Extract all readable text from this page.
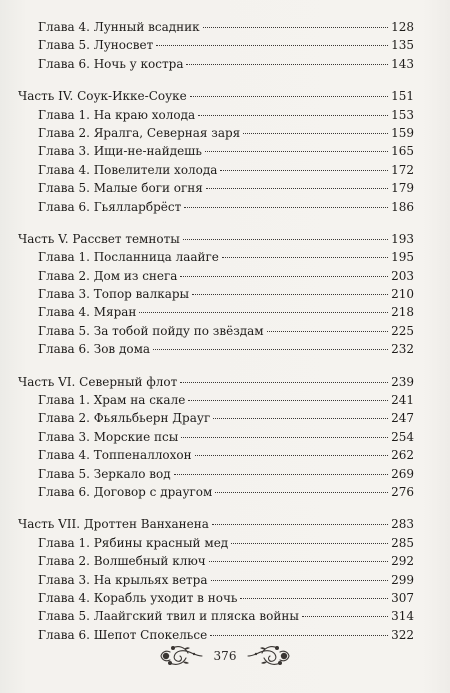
Глава 4. Лунный всадник	128
Глава 5. Луносвет	135
Глава 6. Ночь у костра	143
Часть IV. Соук-Икке-Соуке	151
Глава 1. На краю холода	153
Глава 2. Яралга, Северная заря	159
Глава 3. Ищи-не-найдешь	165
Глава 4. Повелители холода	172
Глава 5. Малые боги огня	179
Глава 6. Гьялларбрёст	186
Часть V. Рассвет темноты	193
Глава 1. Посланница лаайге	195
Глава 2. Дом из снега	203
Глава 3. Топор валкары	210
Глава 4. Мяран	218
Глава 5. За тобой пойду по звёздам	225
Глава 6. Зов дома	232
Часть VI. Северный флот	239
Глава 1. Храм на скале	241
Глава 2. Фьяльбьерн Драуг	247
Глава 3. Морские псы	254
Глава 4. Топпеналлохон	262
Глава 5. Зеркало вод	269
Глава 6. Договор с драугом	276
Часть VII. Дроттен Ванханена	283
Глава 1. Рябины красный мед	285
Глава 2. Волшебный ключ	292
Глава 3. На крыльях ветра	299
Глава 4. Корабль уходит в ночь	307
Глава 5. Лаайгский твил и пляска войны	314
Глава 6. Шепот Спокельсе	322
376
